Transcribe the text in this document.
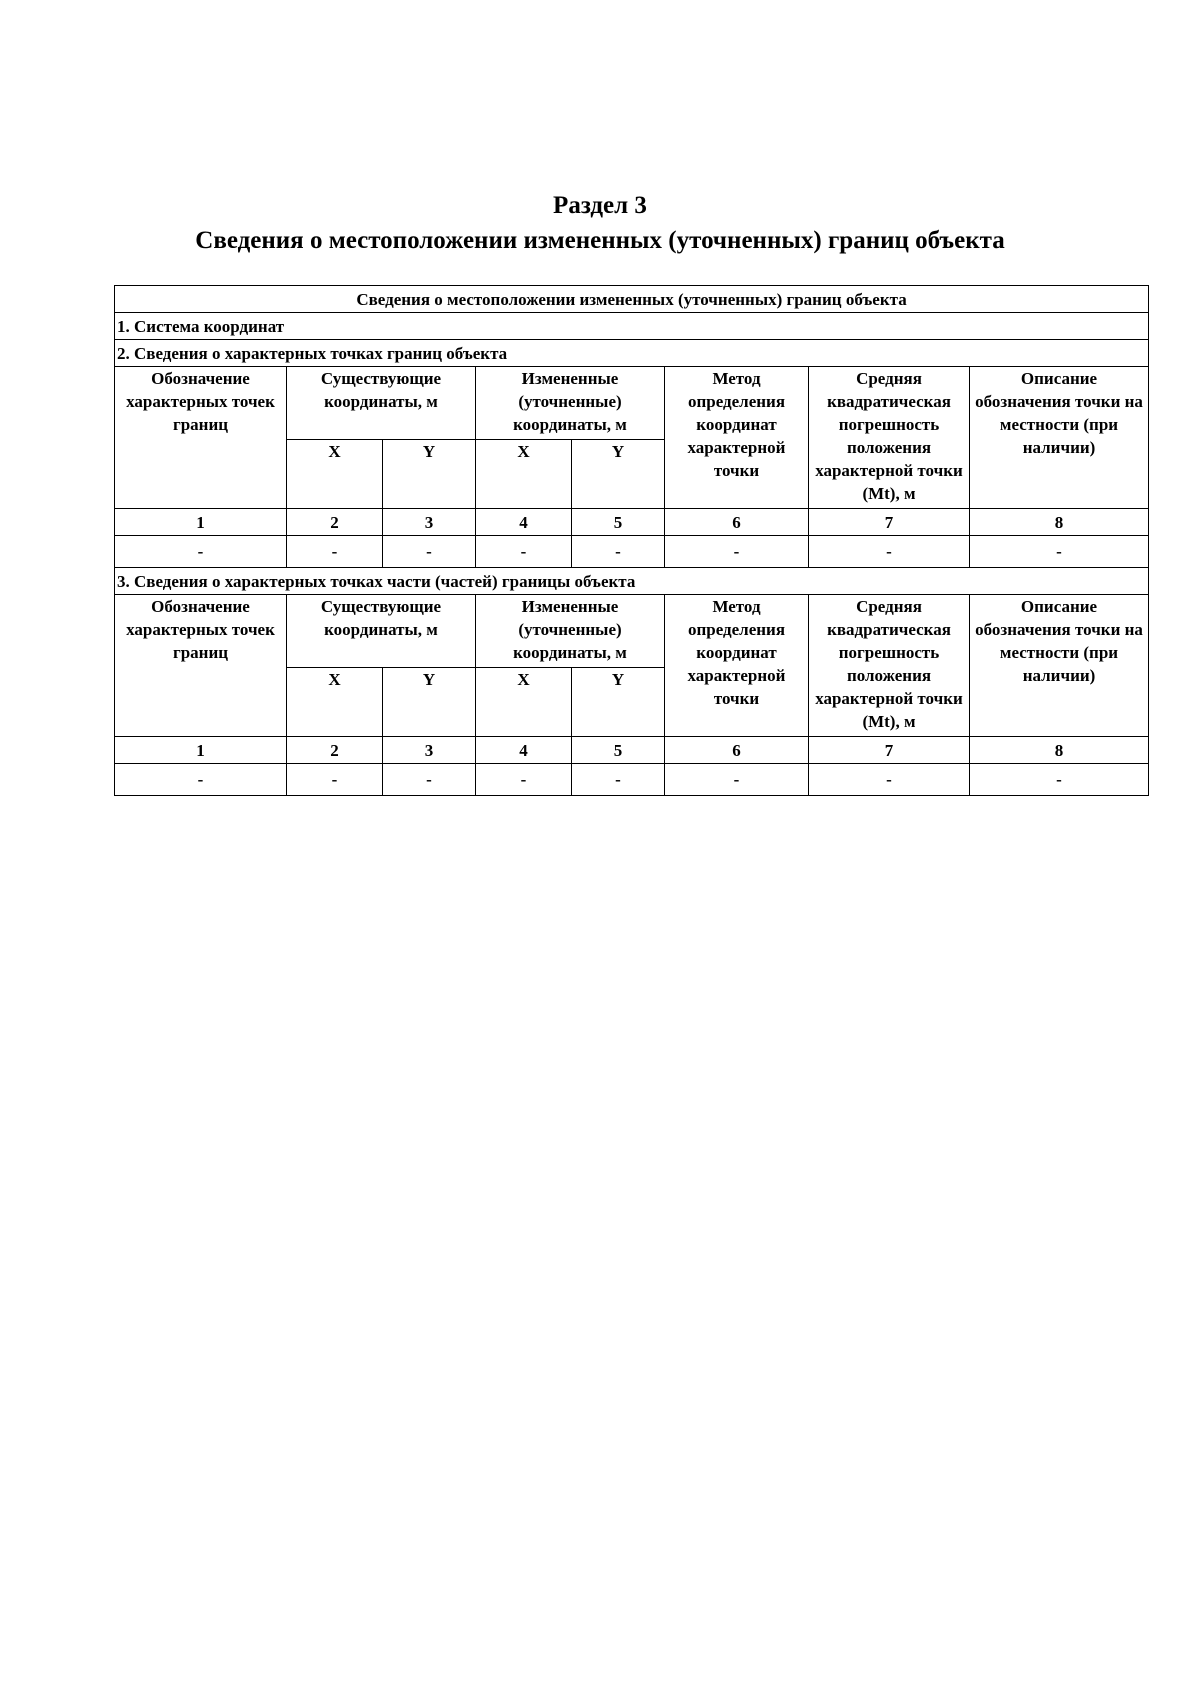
Раздел 3
Сведения о местоположении измененных (уточненных) границ объекта
Сведения о местоположении измененных (уточненных) границ объекта							
1. Система координат							
2. Сведения о характерных точках границ объекта							
Обозначение характерных точек границ	Существующие координаты, м		Измененные (уточненные) координаты, м		Метод определения координат характерной точки	Средняя квадратическая погрешность положения характерной точки (Mt), м	Описание обозначения точки на местности (при наличии)
	X	Y	X	Y			
1	2	3	4	5	6	7	8
-	-	-	-	-	-	-	-
3. Сведения о характерных точках части (частей) границы объекта							
Обозначение характерных точек границ	Существующие координаты, м		Измененные (уточненные) координаты, м		Метод определения координат характерной точки	Средняя квадратическая погрешность положения характерной точки (Mt), м	Описание обозначения точки на местности (при наличии)
	X	Y	X	Y			
1	2	3	4	5	6	7	8
-	-	-	-	-	-	-	-
